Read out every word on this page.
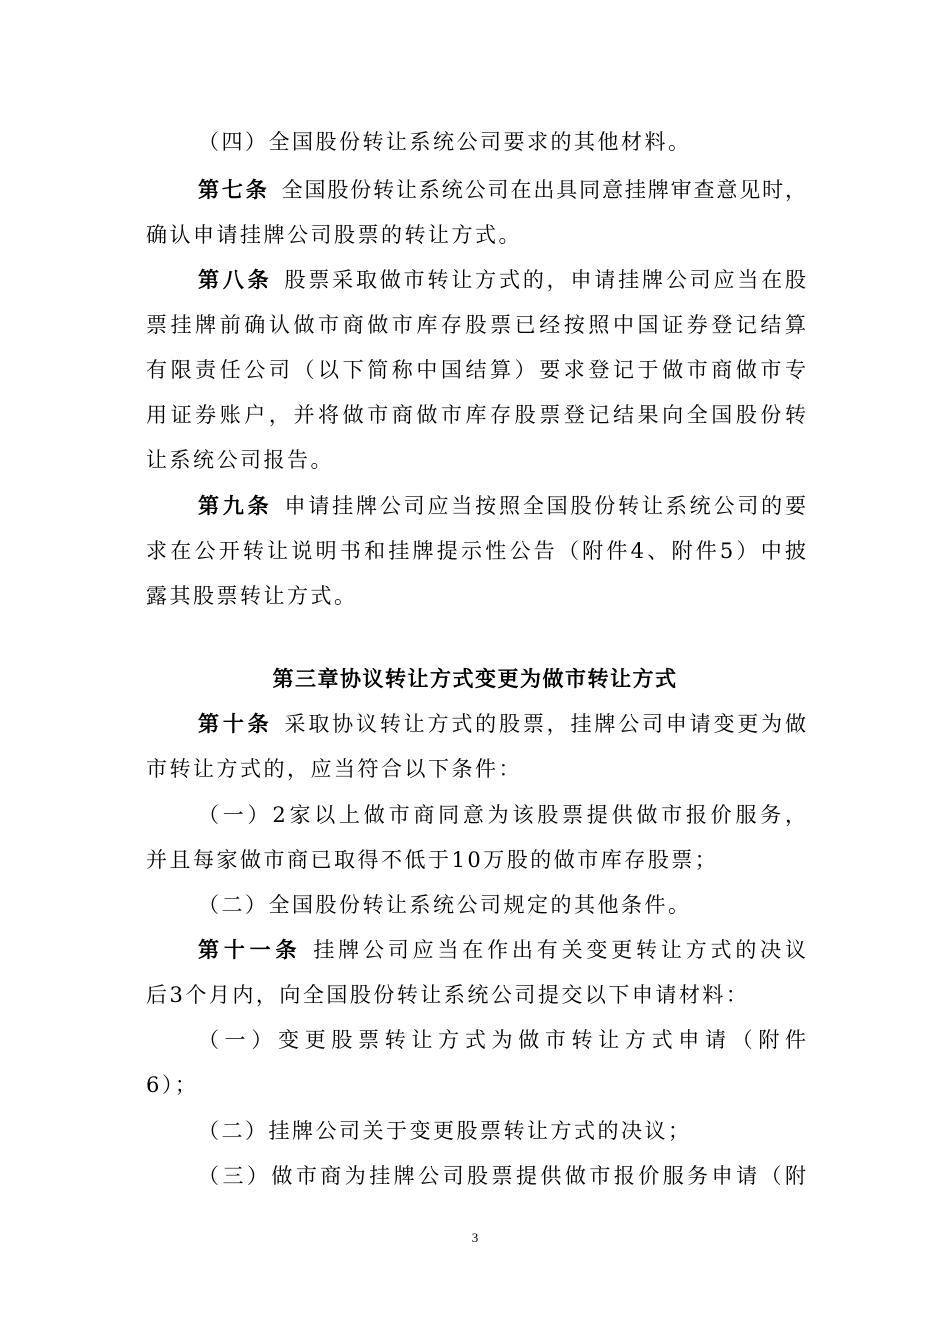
（四）全国股份转让系统公司要求的其他材料。
第七条 全国股份转让系统公司在出具同意挂牌审查意见时，
确认申请挂牌公司股票的转让方式。
第八条 股票采取做市转让方式的，申请挂牌公司应当在股
票挂牌前确认做市商做市库存股票已经按照中国证券登记结算
有限责任公司（以下简称中国结算）要求登记于做市商做市专
用证券账户，并将做市商做市库存股票登记结果向全国股份转
让系统公司报告。
第九条 申请挂牌公司应当按照全国股份转让系统公司的要
求在公开转让说明书和挂牌提示性公告（附件4、附件5）中披
露其股票转让方式。
第三章协议转让方式变更为做市转让方式
第十条 采取协议转让方式的股票，挂牌公司申请变更为做
市转让方式的，应当符合以下条件：
（一）2家以上做市商同意为该股票提供做市报价服务，
并且每家做市商已取得不低于10万股的做市库存股票；
（二）全国股份转让系统公司规定的其他条件。
第十一条 挂牌公司应当在作出有关变更转让方式的决议
后3个月内，向全国股份转让系统公司提交以下申请材料：
（一）变更股票转让方式为做市转让方式申请（附件
6）；
（二）挂牌公司关于变更股票转让方式的决议；
（三）做市商为挂牌公司股票提供做市报价服务申请（附
3
